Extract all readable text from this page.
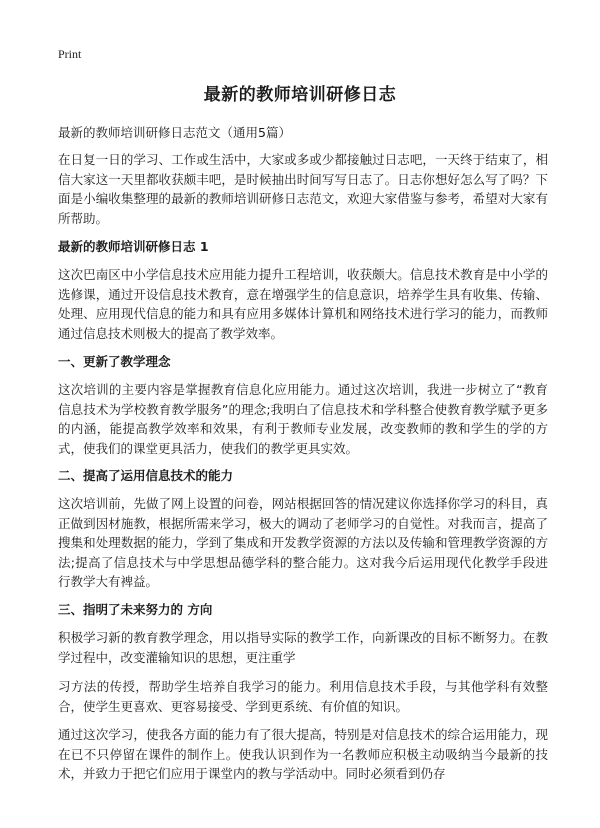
Print
最新的教师培训研修日志
最新的教师培训研修日志范文（通用5篇）

在日复一日的学习、工作或生活中，大家或多或少都接触过日志吧，一天终于结束了，相信大家这一天里都收获颇丰吧，是时候抽出时间写写日志了。日志你想好怎么写了吗？下面是小编收集整理的最新的教师培训研修日志范文，欢迎大家借鉴与参考，希望对大家有所帮助。

最新的教师培训研修日志 1

这次巴南区中小学信息技术应用能力提升工程培训，收获颇大。信息技术教育是中小学的选修课，通过开设信息技术教育，意在增强学生的信息意识，培养学生具有收集、传输、处理、应用现代信息的能力和具有应用多媒体计算机和网络技术进行学习的能力，而教师通过信息技术则极大的提高了教学效率。

一、更新了教学理念

这次培训的主要内容是掌握教育信息化应用能力。通过这次培训，我进一步树立了“教育信息技术为学校教育教学服务”的理念;我明白了信息技术和学科整合使教育教学赋予更多的内涵，能提高教学效率和效果，有利于教师专业发展，改变教师的教和学生的学的方式，使我们的课堂更具活力，使我们的教学更具实效。

二、提高了运用信息技术的能力

这次培训前，先做了网上设置的问卷，网站根据回答的情况建议你选择你学习的科目，真正做到因材施教，根据所需来学习，极大的调动了老师学习的自觉性。对我而言，提高了搜集和处理数据的能力，学到了集成和开发教学资源的方法以及传输和管理教学资源的方法;提高了信息技术与中学思想品德学科的整合能力。这对我今后运用现代化教学手段进行教学大有裨益。

三、指明了未来努力的 方向

积极学习新的教育教学理念，用以指导实际的教学工作，向新课改的目标不断努力。在教学过程中，改变灌输知识的思想，更注重学

习方法的传授，帮助学生培养自我学习的能力。利用信息技术手段，与其他学科有效整合，使学生更喜欢、更容易接受、学到更系统、有价值的知识。

通过这次学习，使我各方面的能力有了很大提高，特别是对信息技术的综合运用能力，现在已不只停留在课件的制作上。使我认识到作为一名教师应积极主动吸纳当今最新的技术，并致力于把它们应用于课堂内的教与学活动中。同时必须看到仍存
